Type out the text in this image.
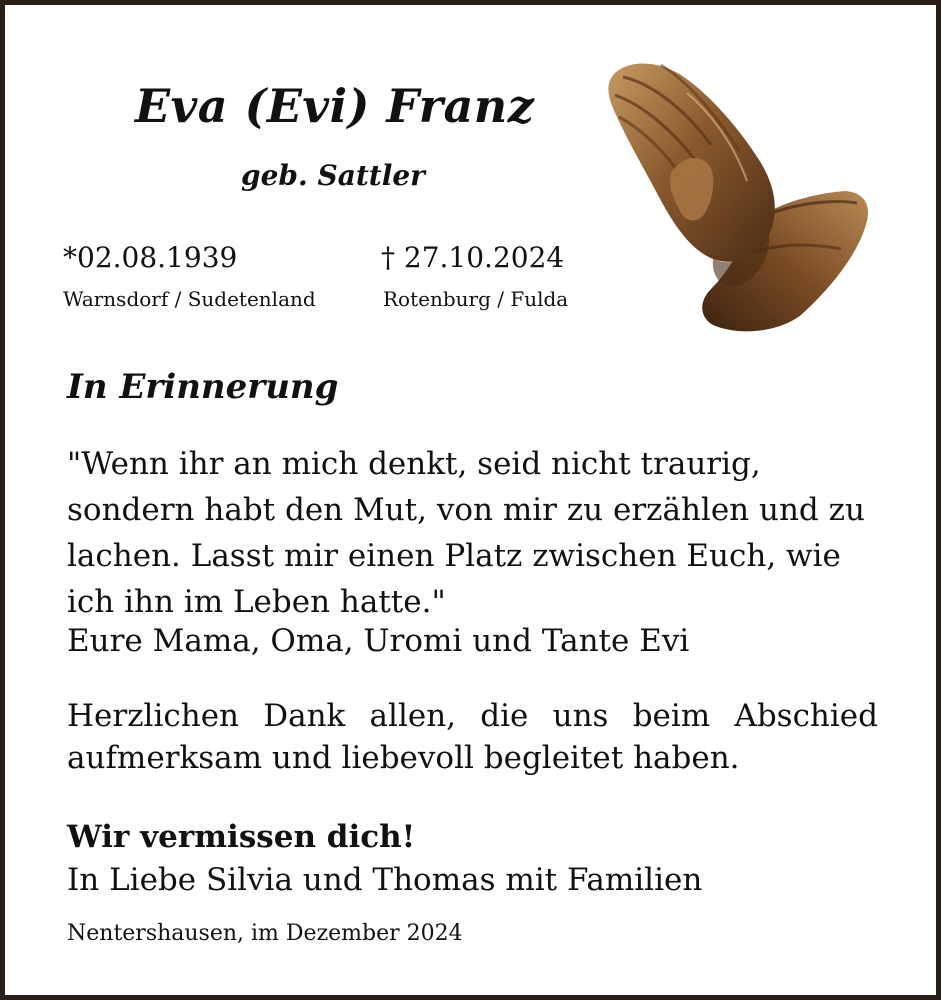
Eva (Evi) Franz
geb. Sattler
*02.08.1939
Warnsdorf / Sudetenland
† 27.10.2024
Rotenburg / Fulda
In Erinnerung
"Wenn ihr an mich denkt, seid nicht traurig,
sondern habt den Mut, von mir zu erzählen und zu
lachen. Lasst mir einen Platz zwischen Euch, wie
ich ihn im Leben hatte."
Eure Mama, Oma, Uromi und Tante Evi
Herzlichen Dank allen, die uns beim Abschied
aufmerksam und liebevoll begleitet haben.
Wir vermissen dich!
In Liebe Silvia und Thomas mit Familien
Nentershausen, im Dezember 2024
